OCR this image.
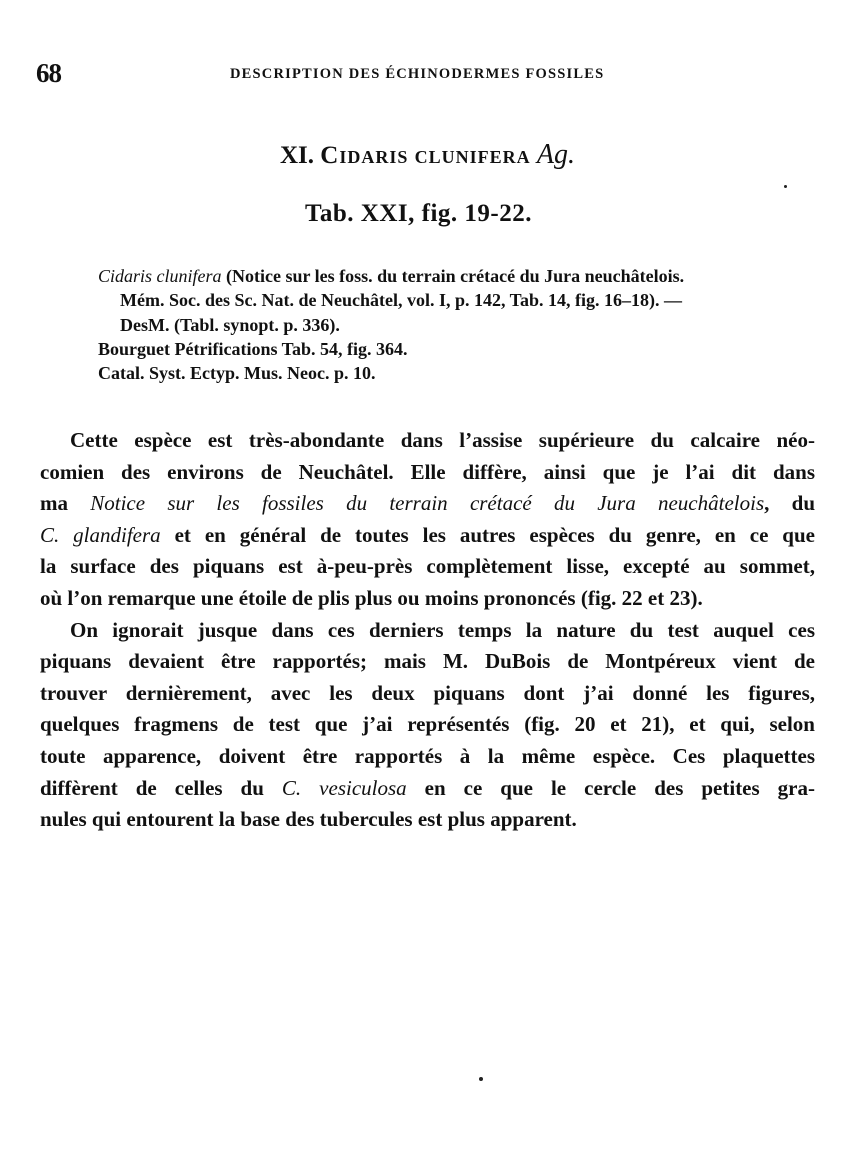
68	DESCRIPTION DES ÉCHINODERMES FOSSILES
XI. Cidaris clunifera Ag.
Tab. XXI, fig. 19-22.
Cidaris clunifera (Notice sur les foss. du terrain crétacé du Jura neuchâtelois.
Mém. Soc. des Sc. Nat. de Neuchâtel, vol. I, p. 142, Tab. 14, fig. 16–18). —
DesM. (Tabl. synopt. p. 336).
Bourguet Pétrifications Tab. 54, fig. 364.
Catal. Syst. Ectyp. Mus. Neoc. p. 10.
Cette espèce est très-abondante dans l’assise supérieure du calcaire néo-
comien des environs de Neuchâtel. Elle diffère, ainsi que je l’ai dit dans
ma Notice sur les fossiles du terrain crétacé du Jura neuchâtelois, du
C. glandifera et en général de toutes les autres espèces du genre, en ce que
la surface des piquans est à-peu-près complètement lisse, excepté au sommet,
où l’on remarque une étoile de plis plus ou moins prononcés (fig. 22 et 23).
On ignorait jusque dans ces derniers temps la nature du test auquel ces
piquans devaient être rapportés; mais M. DuBois de Montpéreux vient de
trouver dernièrement, avec les deux piquans dont j’ai donné les figures,
quelques fragmens de test que j’ai représentés (fig. 20 et 21), et qui, selon
toute apparence, doivent être rapportés à la même espèce. Ces plaquettes
diffèrent de celles du C. vesiculosa en ce que le cercle des petites gra-
nules qui entourent la base des tubercules est plus apparent.
